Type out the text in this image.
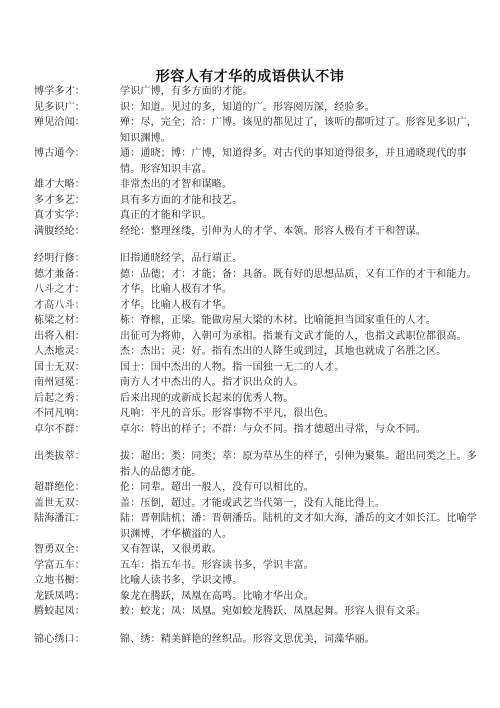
形容人有才华的成语供认不讳
博学多才：	学识广博，有多方面的才能。
见多识广：	识：知道。见过的多，知道的广。形容阅历深，经验多。
殚见洽闻：	殚：尽，完全；洽：广博。该见的都见过了，该听的都听过了。形容见多识广，知识渊博。
博古通今：	通：通晓；博：广博，知道得多。对古代的事知道得很多，并且通晓现代的事情。形容知识丰富。
雄才大略：	非常杰出的才智和谋略。
多才多艺：	具有多方面的才能和技艺。
真才实学：	真正的才能和学识。
满腹经纶：	经纶：整理丝缕，引伸为人的才学、本领。形容人极有才干和智谋。
经明行修：	旧指通晓经学，品行端正。
德才兼备：	德：品德；才：才能；备：具备。既有好的思想品质，又有工作的才干和能力。
八斗之才：	才华。比喻人极有才华。
才高八斗：	才华。比喻人极有才华。
栋梁之材：	栋：脊檩，正梁。能做房屋大梁的木材。比喻能担当国家重任的人才。
出将入相：	出征可为将帅，入朝可为承相。指兼有文武才能的人，也指文武职位都很高。
人杰地灵：	杰：杰出；灵：好。指有杰出的人降生或到过，其地也就成了名胜之区。
国士无双：	国士：国中杰出的人物。指一国独一无二的人才。
南州冠冕：	南方人才中杰出的人。指才识出众的人。
后起之秀：	后来出现的或新成长起来的优秀人物。
不同凡响：	凡响：平凡的音乐。形容事物不平凡，很出色。
卓尔不群：	卓尔：特出的样子；不群：与众不同。指才德超出寻常，与众不同。
出类拔萃：	拔：超出；类：同类；萃：原为草丛生的样子，引伸为聚集。超出同类之上。多指人的品德才能。
超群绝伦：	伦：同辈。超出一般人，没有可以相比的。
盖世无双：	盖：压倒，超过。才能或武艺当代第一，没有人能比得上。
陆海潘江：	陆：晋朝陆机；潘：晋朝潘岳。陆机的文才如大海，潘岳的文才如长江。比喻学识渊博，才华横溢的人。
智勇双全：	又有智谋，又很勇敢。
学富五车：	五车：指五车书。形容读书多，学识丰富。
立地书橱：	比喻人读书多，学识文博。
龙跃凤鸣：	象龙在腾跃，凤凰在高鸣。比喻才华出众。
腾蛟起凤：	蛟：蛟龙；凤：凤凰。宛如蛟龙腾跃、凤凰起舞。形容人很有文采。
锦心绣口：	锦、绣：精美鲜艳的丝织品。形容文思优美，词藻华丽。
